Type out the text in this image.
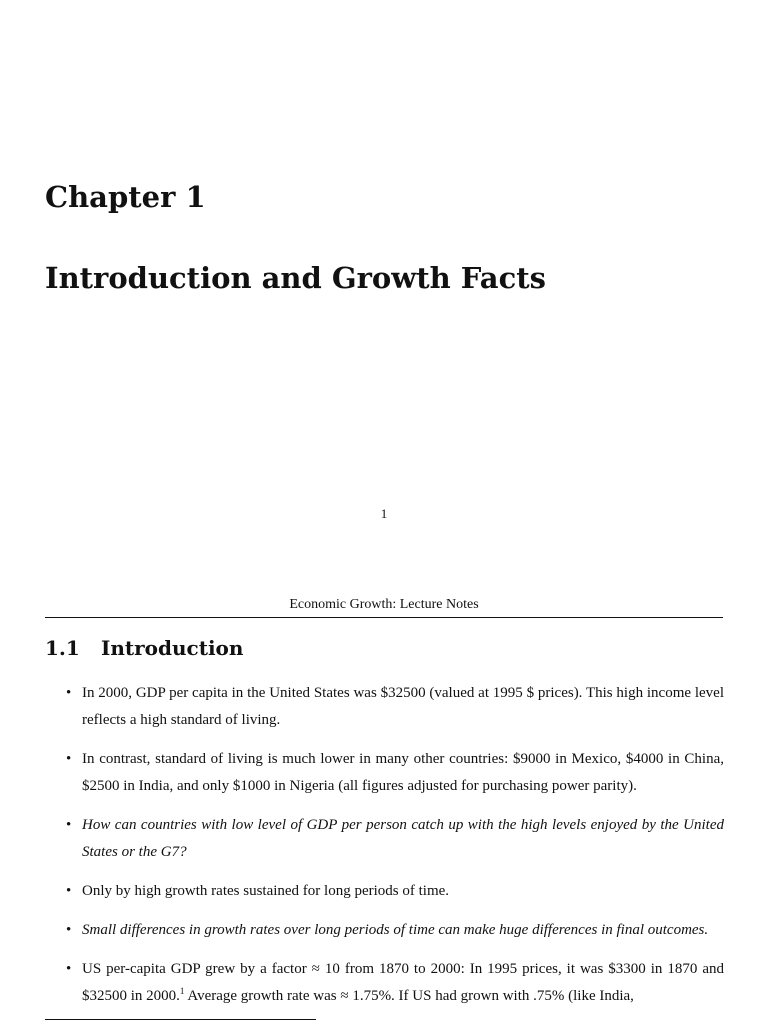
Chapter 1
Introduction and Growth Facts
1
Economic Growth: Lecture Notes
1.1 Introduction
• In 2000, GDP per capita in the United States was $32500 (valued at 1995 $ prices). This high income level reflects a high standard of living.
• In contrast, standard of living is much lower in many other countries: $9000 in Mexico, $4000 in China, $2500 in India, and only $1000 in Nigeria (all figures adjusted for purchasing power parity).
• How can countries with low level of GDP per person catch up with the high levels enjoyed by the United States or the G7?
• Only by high growth rates sustained for long periods of time.
• Small differences in growth rates over long periods of time can make huge differences in final outcomes.
• US per-capita GDP grew by a factor ≈ 10 from 1870 to 2000: In 1995 prices, it was $3300 in 1870 and $32500 in 2000.$^1$ Average growth rate was ≈ 1.75%. If US had grown with .75% (like India,
